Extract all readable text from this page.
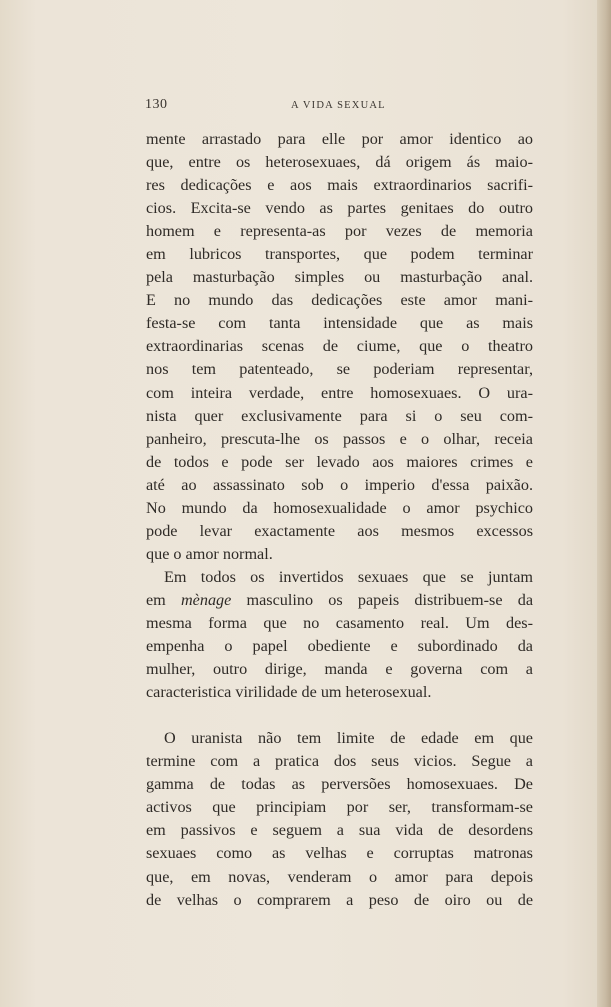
130	A VIDA SEXUAL
mente arrastado para elle por amor identico ao
que, entre os heterosexuaes, dá origem ás maio-
res dedicações e aos mais extraordinarios sacrifi-
cios. Excita-se vendo as partes genitaes do outro
homem e representa-as por vezes de memoria
em lubricos transportes, que podem terminar
pela masturbação simples ou masturbação anal.
E no mundo das dedicações este amor mani-
festa-se com tanta intensidade que as mais
extraordinarias scenas de ciume, que o theatro
nos tem patenteado, se poderiam representar,
com inteira verdade, entre homosexuaes. O ura-
nista quer exclusivamente para si o seu com-
panheiro, prescuta-lhe os passos e o olhar, receia
de todos e pode ser levado aos maiores crimes e
até ao assassinato sob o imperio d'essa paixão.
No mundo da homosexualidade o amor psychico
pode levar exactamente aos mesmos excessos
que o amor normal.
Em todos os invertidos sexuaes que se juntam
em mènage masculino os papeis distribuem-se da
mesma forma que no casamento real. Um des-
empenha o papel obediente e subordinado da
mulher, outro dirige, manda e governa com a
caracteristica virilidade de um heterosexual.
O uranista não tem limite de edade em que
termine com a pratica dos seus vicios. Segue a
gamma de todas as perversões homosexuaes. De
activos que principiam por ser, transformam-se
em passivos e seguem a sua vida de desordens
sexuaes como as velhas e corruptas matronas
que, em novas, venderam o amor para depois
de velhas o comprarem a peso de oiro ou de
